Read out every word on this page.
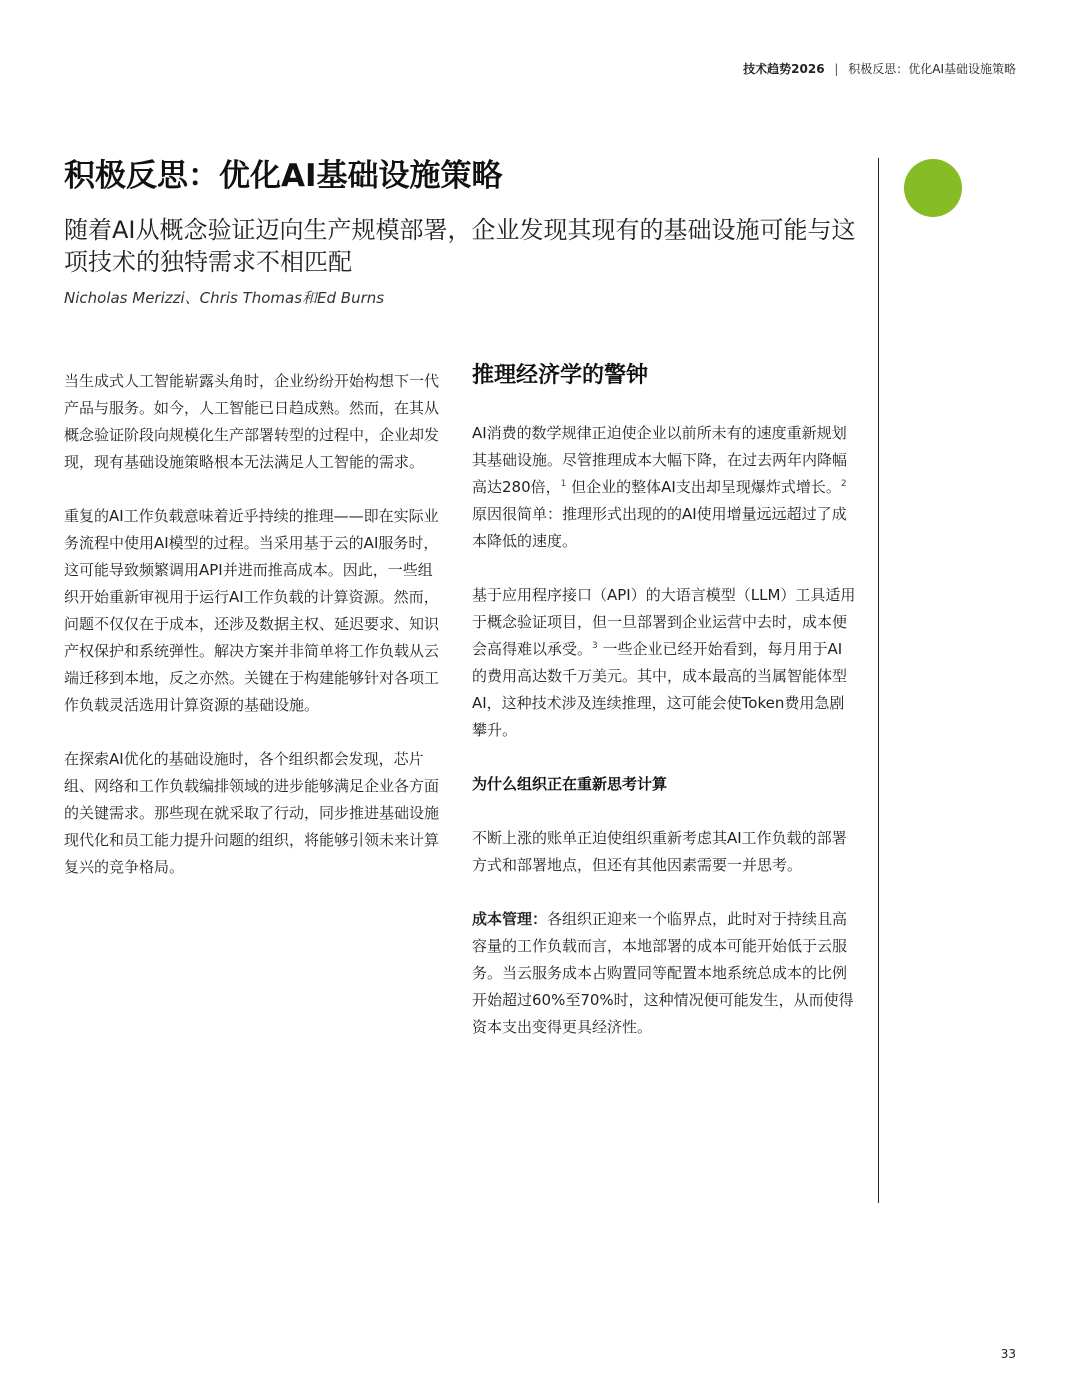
技术趋势2026 | 积极反思：优化AI基础设施策略
积极反思：优化AI基础设施策略

随着AI从概念验证迈向生产规模部署，企业发现其现有的基础设施可能与这项技术的独特需求不相匹配

Nicholas Merizzi、Chris Thomas和Ed Burns

当生成式人工智能崭露头角时，企业纷纷开始构想下一代产品与服务。如今，人工智能已日趋成熟。然而，在其从概念验证阶段向规模化生产部署转型的过程中，企业却发现，现有基础设施策略根本无法满足人工智能的需求。

重复的AI工作负载意味着近乎持续的推理——即在实际业务流程中使用AI模型的过程。当采用基于云的AI服务时，这可能导致频繁调用API并进而推高成本。因此，一些组织开始重新审视用于运行AI工作负载的计算资源。然而，问题不仅仅在于成本，还涉及数据主权、延迟要求、知识产权保护和系统弹性。解决方案并非简单将工作负载从云端迁移到本地，反之亦然。关键在于构建能够针对各项工作负载灵活选用计算资源的基础设施。

在探索AI优化的基础设施时，各个组织都会发现，芯片组、网络和工作负载编排领域的进步能够满足企业各方面的关键需求。那些现在就采取了行动，同步推进基础设施现代化和员工能力提升问题的组织，将能够引领未来计算复兴的竞争格局。

推理经济学的警钟

AI消费的数学规律正迫使企业以前所未有的速度重新规划其基础设施。尽管推理成本大幅下降，在过去两年内降幅高达280倍，$^1$ 但企业的整体AI支出却呈现爆炸式增长。$^2$ 原因很简单：推理形式出现的的AI使用增量远远超过了成本降低的速度。

基于应用程序接口（API）的大语言模型（LLM）工具适用于概念验证项目，但一旦部署到企业运营中去时，成本便会高得难以承受。$^3$ 一些企业已经开始看到，每月用于AI的费用高达数千万美元。其中，成本最高的当属智能体型AI，这种技术涉及连续推理，这可能会使Token费用急剧攀升。

为什么组织正在重新思考计算

不断上涨的账单正迫使组织重新考虑其AI工作负载的部署方式和部署地点，但还有其他因素需要一并思考。

成本管理：各组织正迎来一个临界点，此时对于持续且高容量的工作负载而言，本地部署的成本可能开始低于云服务。当云服务成本占购置同等配置本地系统总成本的比例开始超过60%至70%时，这种情况便可能发生，从而使得资本支出变得更具经济性。

33
